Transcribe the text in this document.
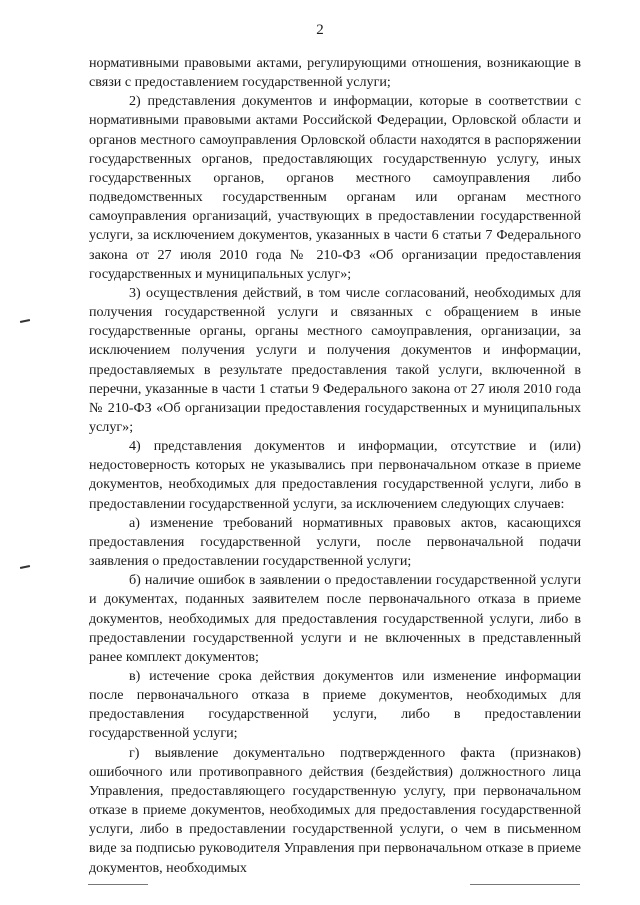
2

нормативными правовыми актами, регулирующими отношения, возникающие в связи с предоставлением государственной услуги;

2) представления документов и информации, которые в соответствии с нормативными правовыми актами Российской Федерации, Орловской области и органов местного самоуправления Орловской области находятся в распоряжении государственных органов, предоставляющих государственную услугу, иных государственных органов, органов местного самоуправления либо подведомственных государственным органам или органам местного самоуправления организаций, участвующих в предоставлении государственной услуги, за исключением документов, указанных в части 6 статьи 7 Федерального закона от 27 июля 2010 года № 210-ФЗ «Об организации предоставления государственных и муниципальных услуг»;

3) осуществления действий, в том числе согласований, необходимых для получения государственной услуги и связанных с обращением в иные государственные органы, органы местного самоуправления, организации, за исключением получения услуги и получения документов и информации, предоставляемых в результате предоставления такой услуги, включенной в перечни, указанные в части 1 статьи 9 Федерального закона от 27 июля 2010 года № 210-ФЗ «Об организации предоставления государственных и муниципальных услуг»;

4) представления документов и информации, отсутствие и (или) недостоверность которых не указывались при первоначальном отказе в приеме документов, необходимых для предоставления государственной услуги, либо в предоставлении государственной услуги, за исключением следующих случаев:

а) изменение требований нормативных правовых актов, касающихся предоставления государственной услуги, после первоначальной подачи заявления о предоставлении государственной услуги;

б) наличие ошибок в заявлении о предоставлении государственной услуги и документах, поданных заявителем после первоначального отказа в приеме документов, необходимых для предоставления государственной услуги, либо в предоставлении государственной услуги и не включенных в представленный ранее комплект документов;

в) истечение срока действия документов или изменение информации после первоначального отказа в приеме документов, необходимых для предоставления государственной услуги, либо в предоставлении государственной услуги;

г) выявление документально подтвержденного факта (признаков) ошибочного или противоправного действия (бездействия) должностного лица Управления, предоставляющего государственную услугу, при первоначальном отказе в приеме документов, необходимых для предоставления государственной услуги, либо в предоставлении государственной услуги, о чем в письменном виде за подписью руководителя Управления при первоначальном отказе в приеме документов, необходимых
